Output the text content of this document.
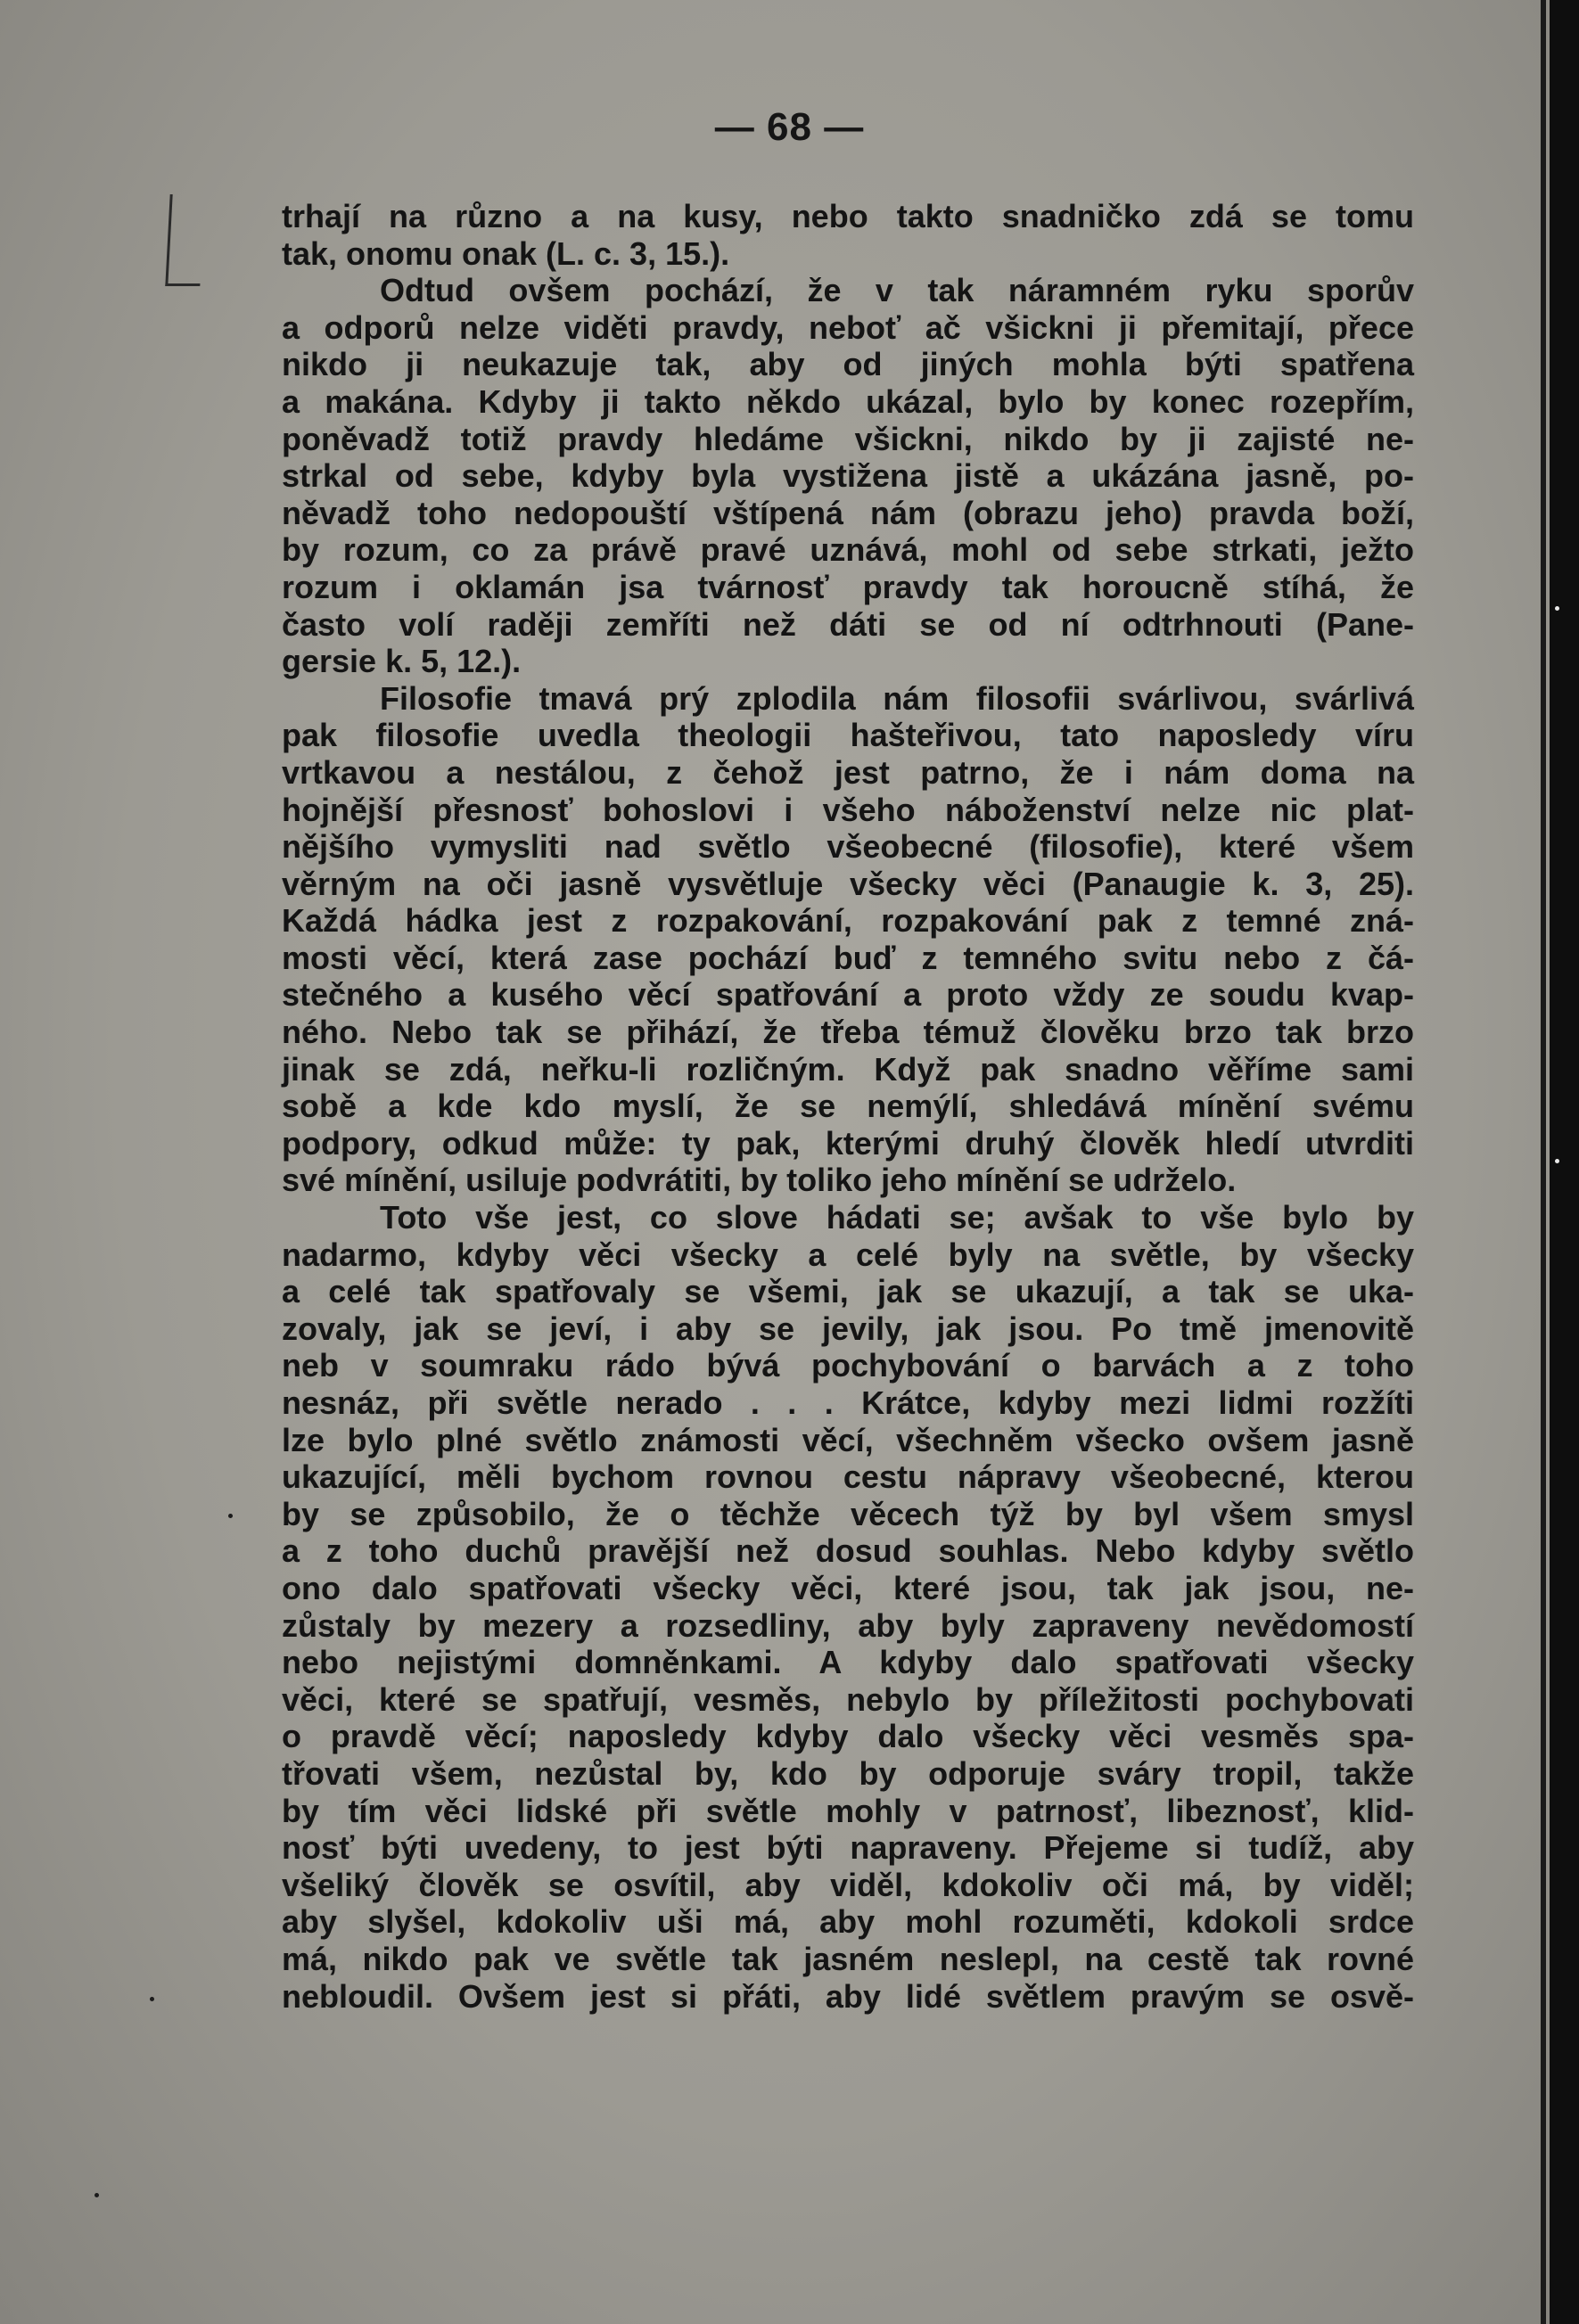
— 68 —
trhají na různo a na kusy, nebo takto snadničko zdá se tomu
tak, onomu onak (L. c. 3, 15.).
Odtud ovšem pochází, že v tak náramném ryku sporův
a odporů nelze viděti pravdy, neboť ač všickni ji přemitají, přece
nikdo ji neukazuje tak, aby od jiných mohla býti spatřena
a makána. Kdyby ji takto někdo ukázal, bylo by konec rozepřím,
poněvadž totiž pravdy hledáme všickni, nikdo by ji zajisté ne-
strkal od sebe, kdyby byla vystižena jistě a ukázána jasně, po-
něvadž toho nedopouští vštípená nám (obrazu jeho) pravda boží,
by rozum, co za právě pravé uznává, mohl od sebe strkati, ježto
rozum i oklamán jsa tvárnosť pravdy tak horoucně stíhá, že
často volí raději zemříti než dáti se od ní odtrhnouti (Pane-
gersie k. 5, 12.).
Filosofie tmavá prý zplodila nám filosofii svárlivou, svárlivá
pak filosofie uvedla theologii hašteřivou, tato naposledy víru
vrtkavou a nestálou, z čehož jest patrno, že i nám doma na
hojnější přesnosť bohoslovi i všeho náboženství nelze nic plat-
nějšího vymysliti nad světlo všeobecné (filosofie), které všem
věrným na oči jasně vysvětluje všecky věci (Panaugie k. 3, 25).
Každá hádka jest z rozpakování, rozpakování pak z temné zná-
mosti věcí, která zase pochází buď z temného svitu nebo z čá-
stečného a kusého věcí spatřování a proto vždy ze soudu kvap-
ného. Nebo tak se přihází, že třeba témuž člověku brzo tak brzo
jinak se zdá, neřku-li rozličným. Když pak snadno věříme sami
sobě a kde kdo myslí, že se nemýlí, shledává mínění svému
podpory, odkud může: ty pak, kterými druhý člověk hledí utvrditi
své mínění, usiluje podvrátiti, by toliko jeho mínění se udrželo.
Toto vše jest, co slove hádati se; avšak to vše bylo by
nadarmo, kdyby věci všecky a celé byly na světle, by všecky
a celé tak spatřovaly se všemi, jak se ukazují, a tak se uka-
zovaly, jak se jeví, i aby se jevily, jak jsou. Po tmě jmenovitě
neb v soumraku rádo bývá pochybování o barvách a z toho
nesnáz, při světle nerado . . . Krátce, kdyby mezi lidmi rozžíti
lze bylo plné světlo známosti věcí, všechněm všecko ovšem jasně
ukazující, měli bychom rovnou cestu nápravy všeobecné, kterou
by se způsobilo, že o těchže věcech týž by byl všem smysl
a z toho duchů pravější než dosud souhlas. Nebo kdyby světlo
ono dalo spatřovati všecky věci, které jsou, tak jak jsou, ne-
zůstaly by mezery a rozsedliny, aby byly zapraveny nevědomostí
nebo nejistými domněnkami. A kdyby dalo spatřovati všecky
věci, které se spatřují, vesměs, nebylo by příležitosti pochybovati
o pravdě věcí; naposledy kdyby dalo všecky věci vesměs spa-
třovati všem, nezůstal by, kdo by odporuje sváry tropil, takže
by tím věci lidské při světle mohly v patrnosť, libeznosť, klid-
nosť býti uvedeny, to jest býti napraveny. Přejeme si tudíž, aby
všeliký člověk se osvítil, aby viděl, kdokoliv oči má, by viděl;
aby slyšel, kdokoliv uši má, aby mohl rozuměti, kdokoli srdce
má, nikdo pak ve světle tak jasném neslepl, na cestě tak rovné
nebloudil. Ovšem jest si přáti, aby lidé světlem pravým se osvě-
